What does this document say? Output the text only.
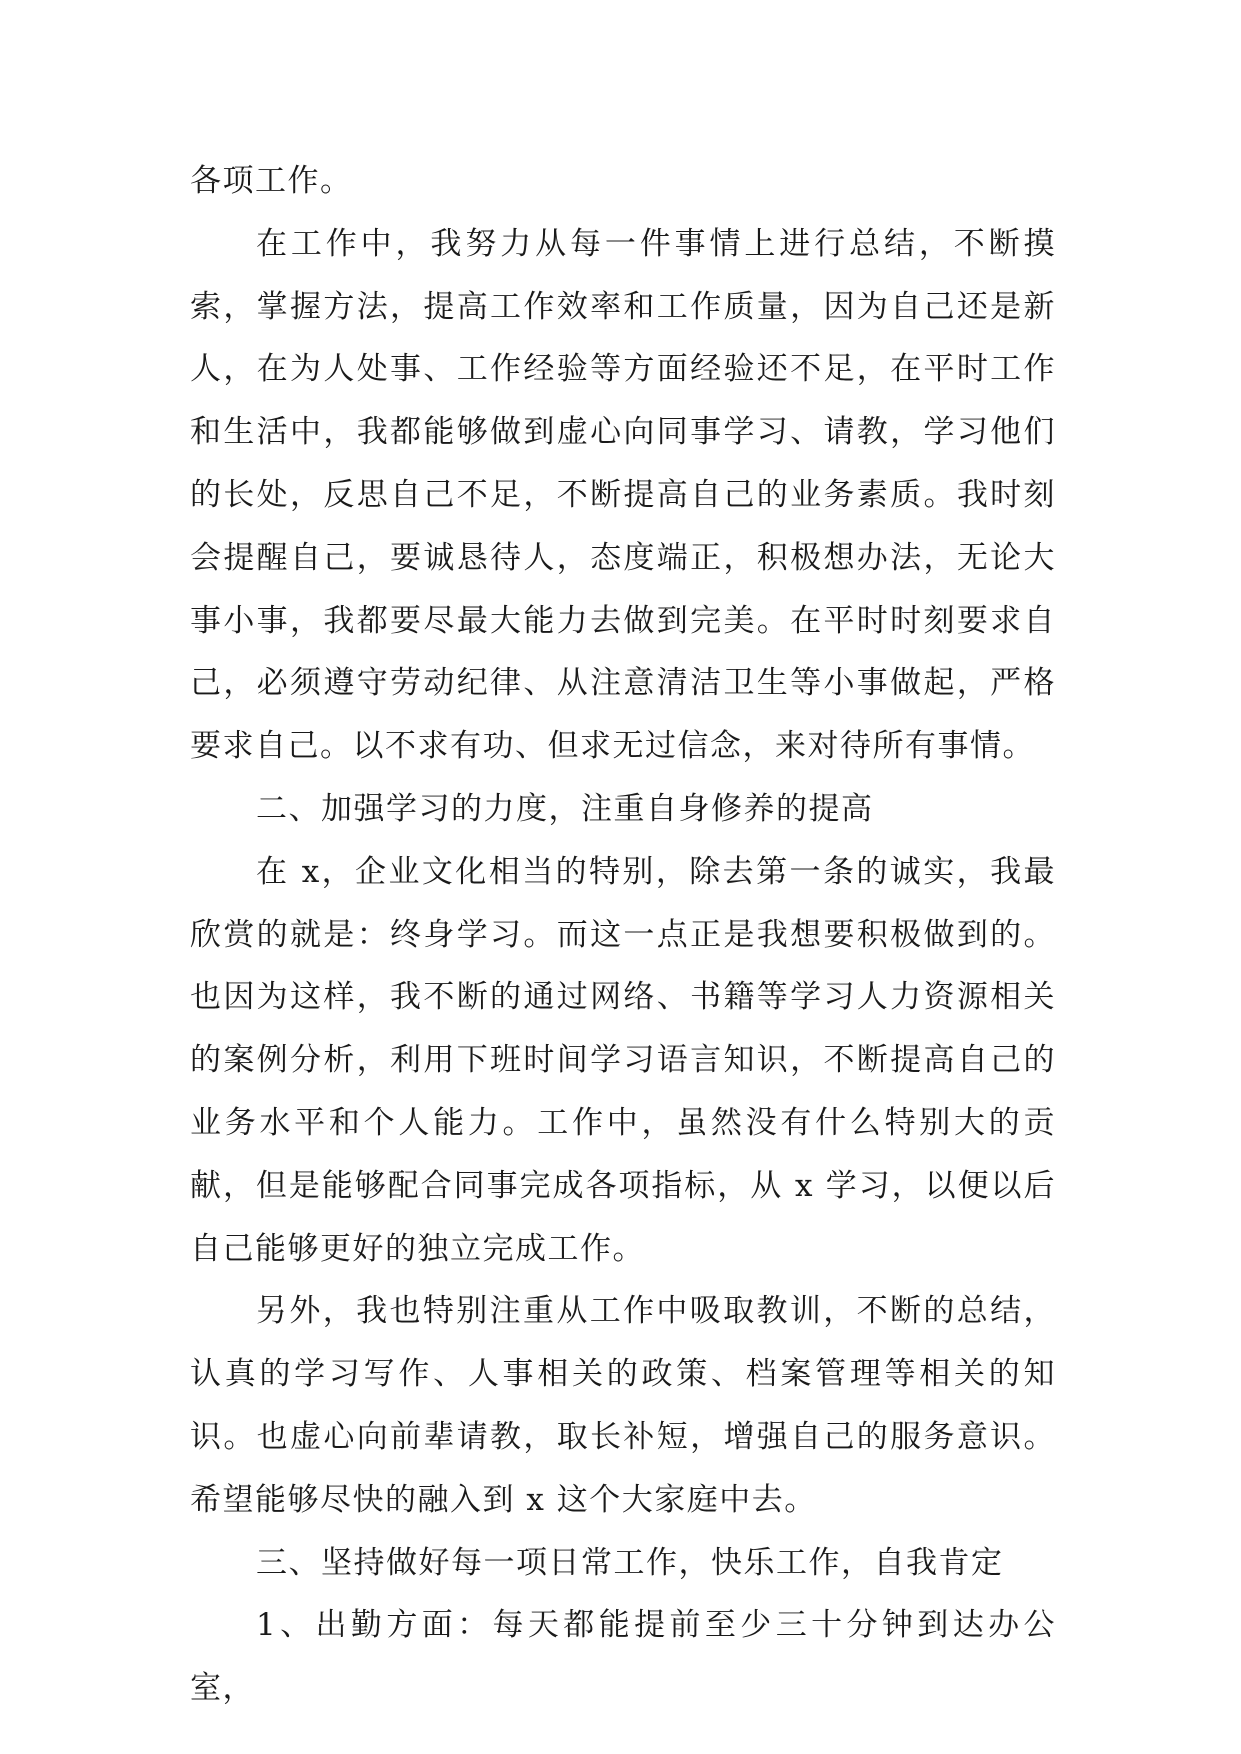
各项工作。

在工作中，我努力从每一件事情上进行总结，不断摸索，掌握方法，提高工作效率和工作质量，因为自己还是新人，在为人处事、工作经验等方面经验还不足，在平时工作和生活中，我都能够做到虚心向同事学习、请教，学习他们的长处，反思自己不足，不断提高自己的业务素质。我时刻会提醒自己，要诚恳待人，态度端正，积极想办法，无论大事小事，我都要尽最大能力去做到完美。在平时时刻要求自己，必须遵守劳动纪律、从注意清洁卫生等小事做起，严格要求自己。以不求有功、但求无过信念，来对待所有事情。

二、加强学习的力度，注重自身修养的提高

在 x，企业文化相当的特别，除去第一条的诚实，我最欣赏的就是：终身学习。而这一点正是我想要积极做到的。也因为这样，我不断的通过网络、书籍等学习人力资源相关的案例分析，利用下班时间学习语言知识，不断提高自己的业务水平和个人能力。工作中，虽然没有什么特别大的贡献，但是能够配合同事完成各项指标，从 x 学习，以便以后自己能够更好的独立完成工作。

另外，我也特别注重从工作中吸取教训，不断的总结，认真的学习写作、人事相关的政策、档案管理等相关的知识。也虚心向前辈请教，取长补短，增强自己的服务意识。希望能够尽快的融入到 x 这个大家庭中去。

三、坚持做好每一项日常工作，快乐工作，自我肯定

1、出勤方面：每天都能提前至少三十分钟到达办公室，
